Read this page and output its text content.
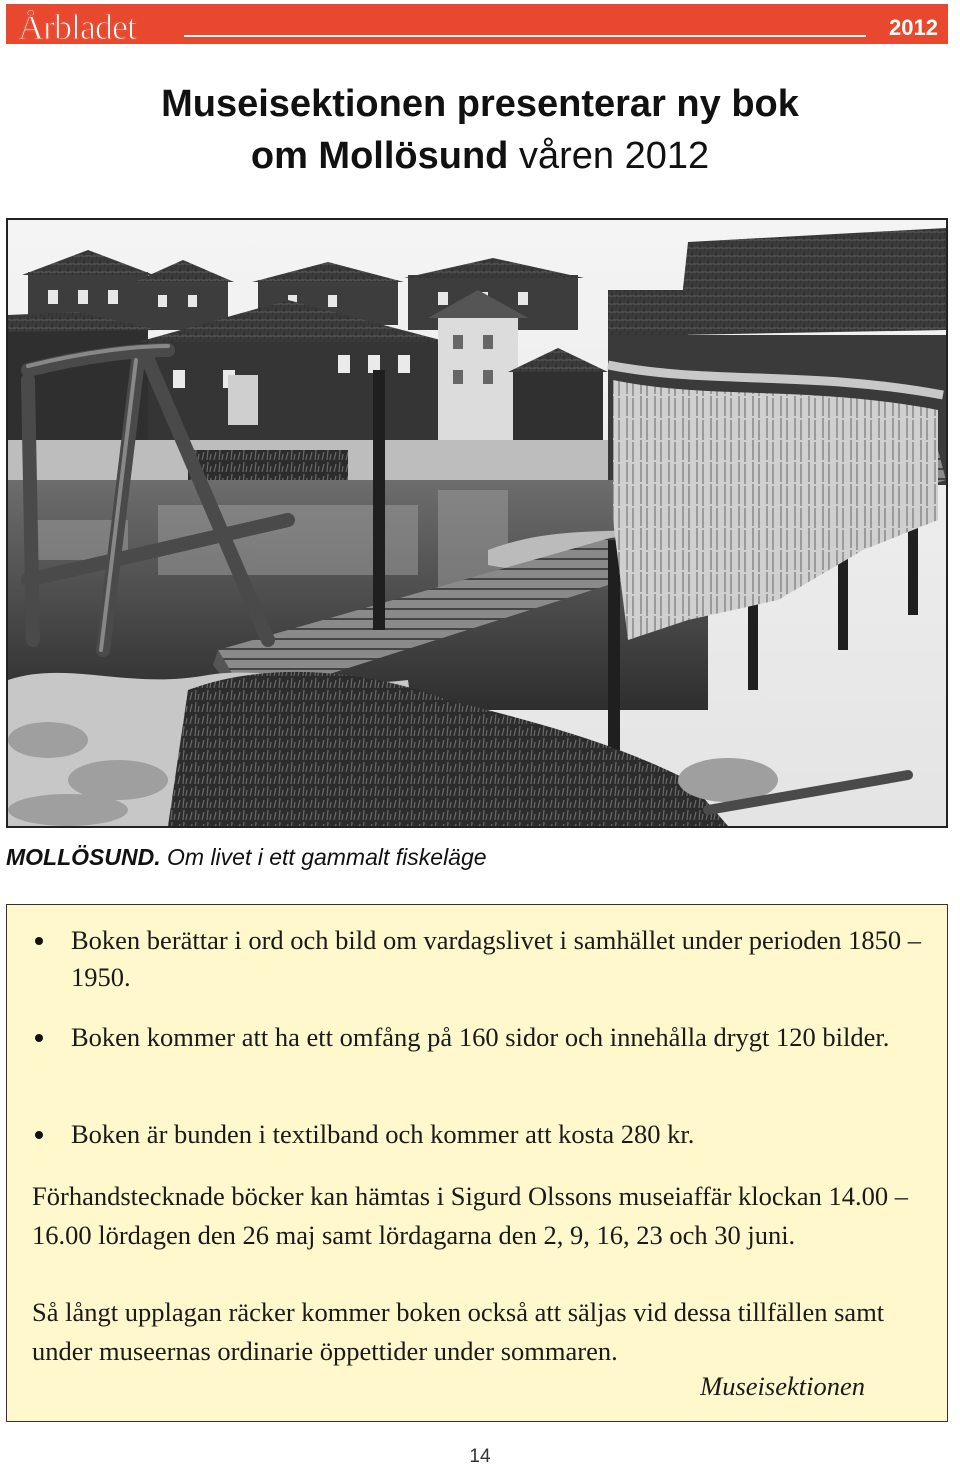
Årbladet	2012
Museisektionen presenterar ny bok
om Mollösund våren 2012
MOLLÖSUND. Om livet i ett gammalt fiskeläge
Boken berättar i ord och bild om vardagslivet i samhället under perioden 1850 – 1950.
Boken kommer att ha ett omfång på 160 sidor och innehålla drygt 120 bilder.
Boken är bunden i textilband och kommer att kosta 280 kr.
Förhandstecknade böcker kan hämtas i Sigurd Olssons museiaffär klockan 14.00 – 16.00 lördagen den 26 maj samt lördagarna den 2, 9, 16, 23 och 30 juni.
Så långt upplagan räcker kommer boken också att säljas vid dessa tillfällen samt under museernas ordinarie öppettider under sommaren.
Museisektionen
14
